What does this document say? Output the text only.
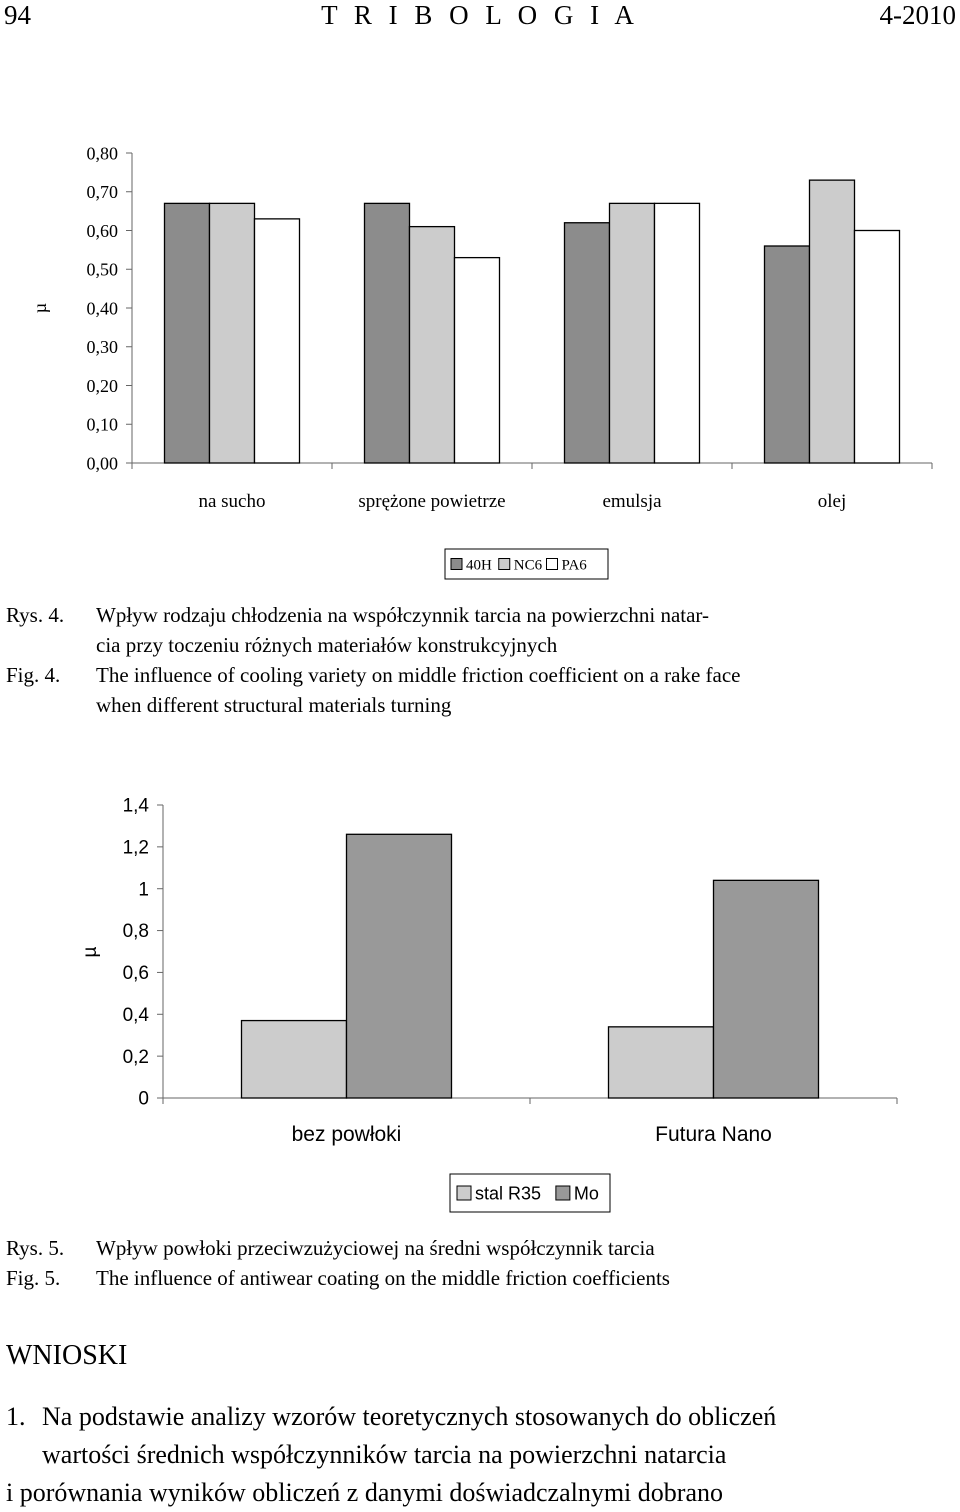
94	T R I B O L O G I A	4-2010
0,00
0,10
0,20
0,30
0,40
0,50
0,60
0,70
0,80
µ
na sucho	sprężone powietrze	emulsja	olej
40H NC6 PA6
Rys. 4. Wpływ rodzaju chłodzenia na współczynnik tarcia na powierzchni natar-
cia przy toczeniu różnych materiałów konstrukcyjnych
Fig. 4. The influence of cooling variety on middle friction coefficient on a rake face
when different structural materials turning
0
0,2
0,4
0,6
0,8
1
1,2
1,4
µ
bez powłoki	Futura Nano
stal R35 Mo
Rys. 5. Wpływ powłoki przeciwzużyciowej na średni współczynnik tarcia
Fig. 5. The influence of antiwear coating on the middle friction coefficients
WNIOSKI
1. Na podstawie analizy wzorów teoretycznych stosowanych do obliczeń
wartości średnich współczynników tarcia na powierzchni natarcia
i porównania wyników obliczeń z danymi doświadczalnymi dobrano
